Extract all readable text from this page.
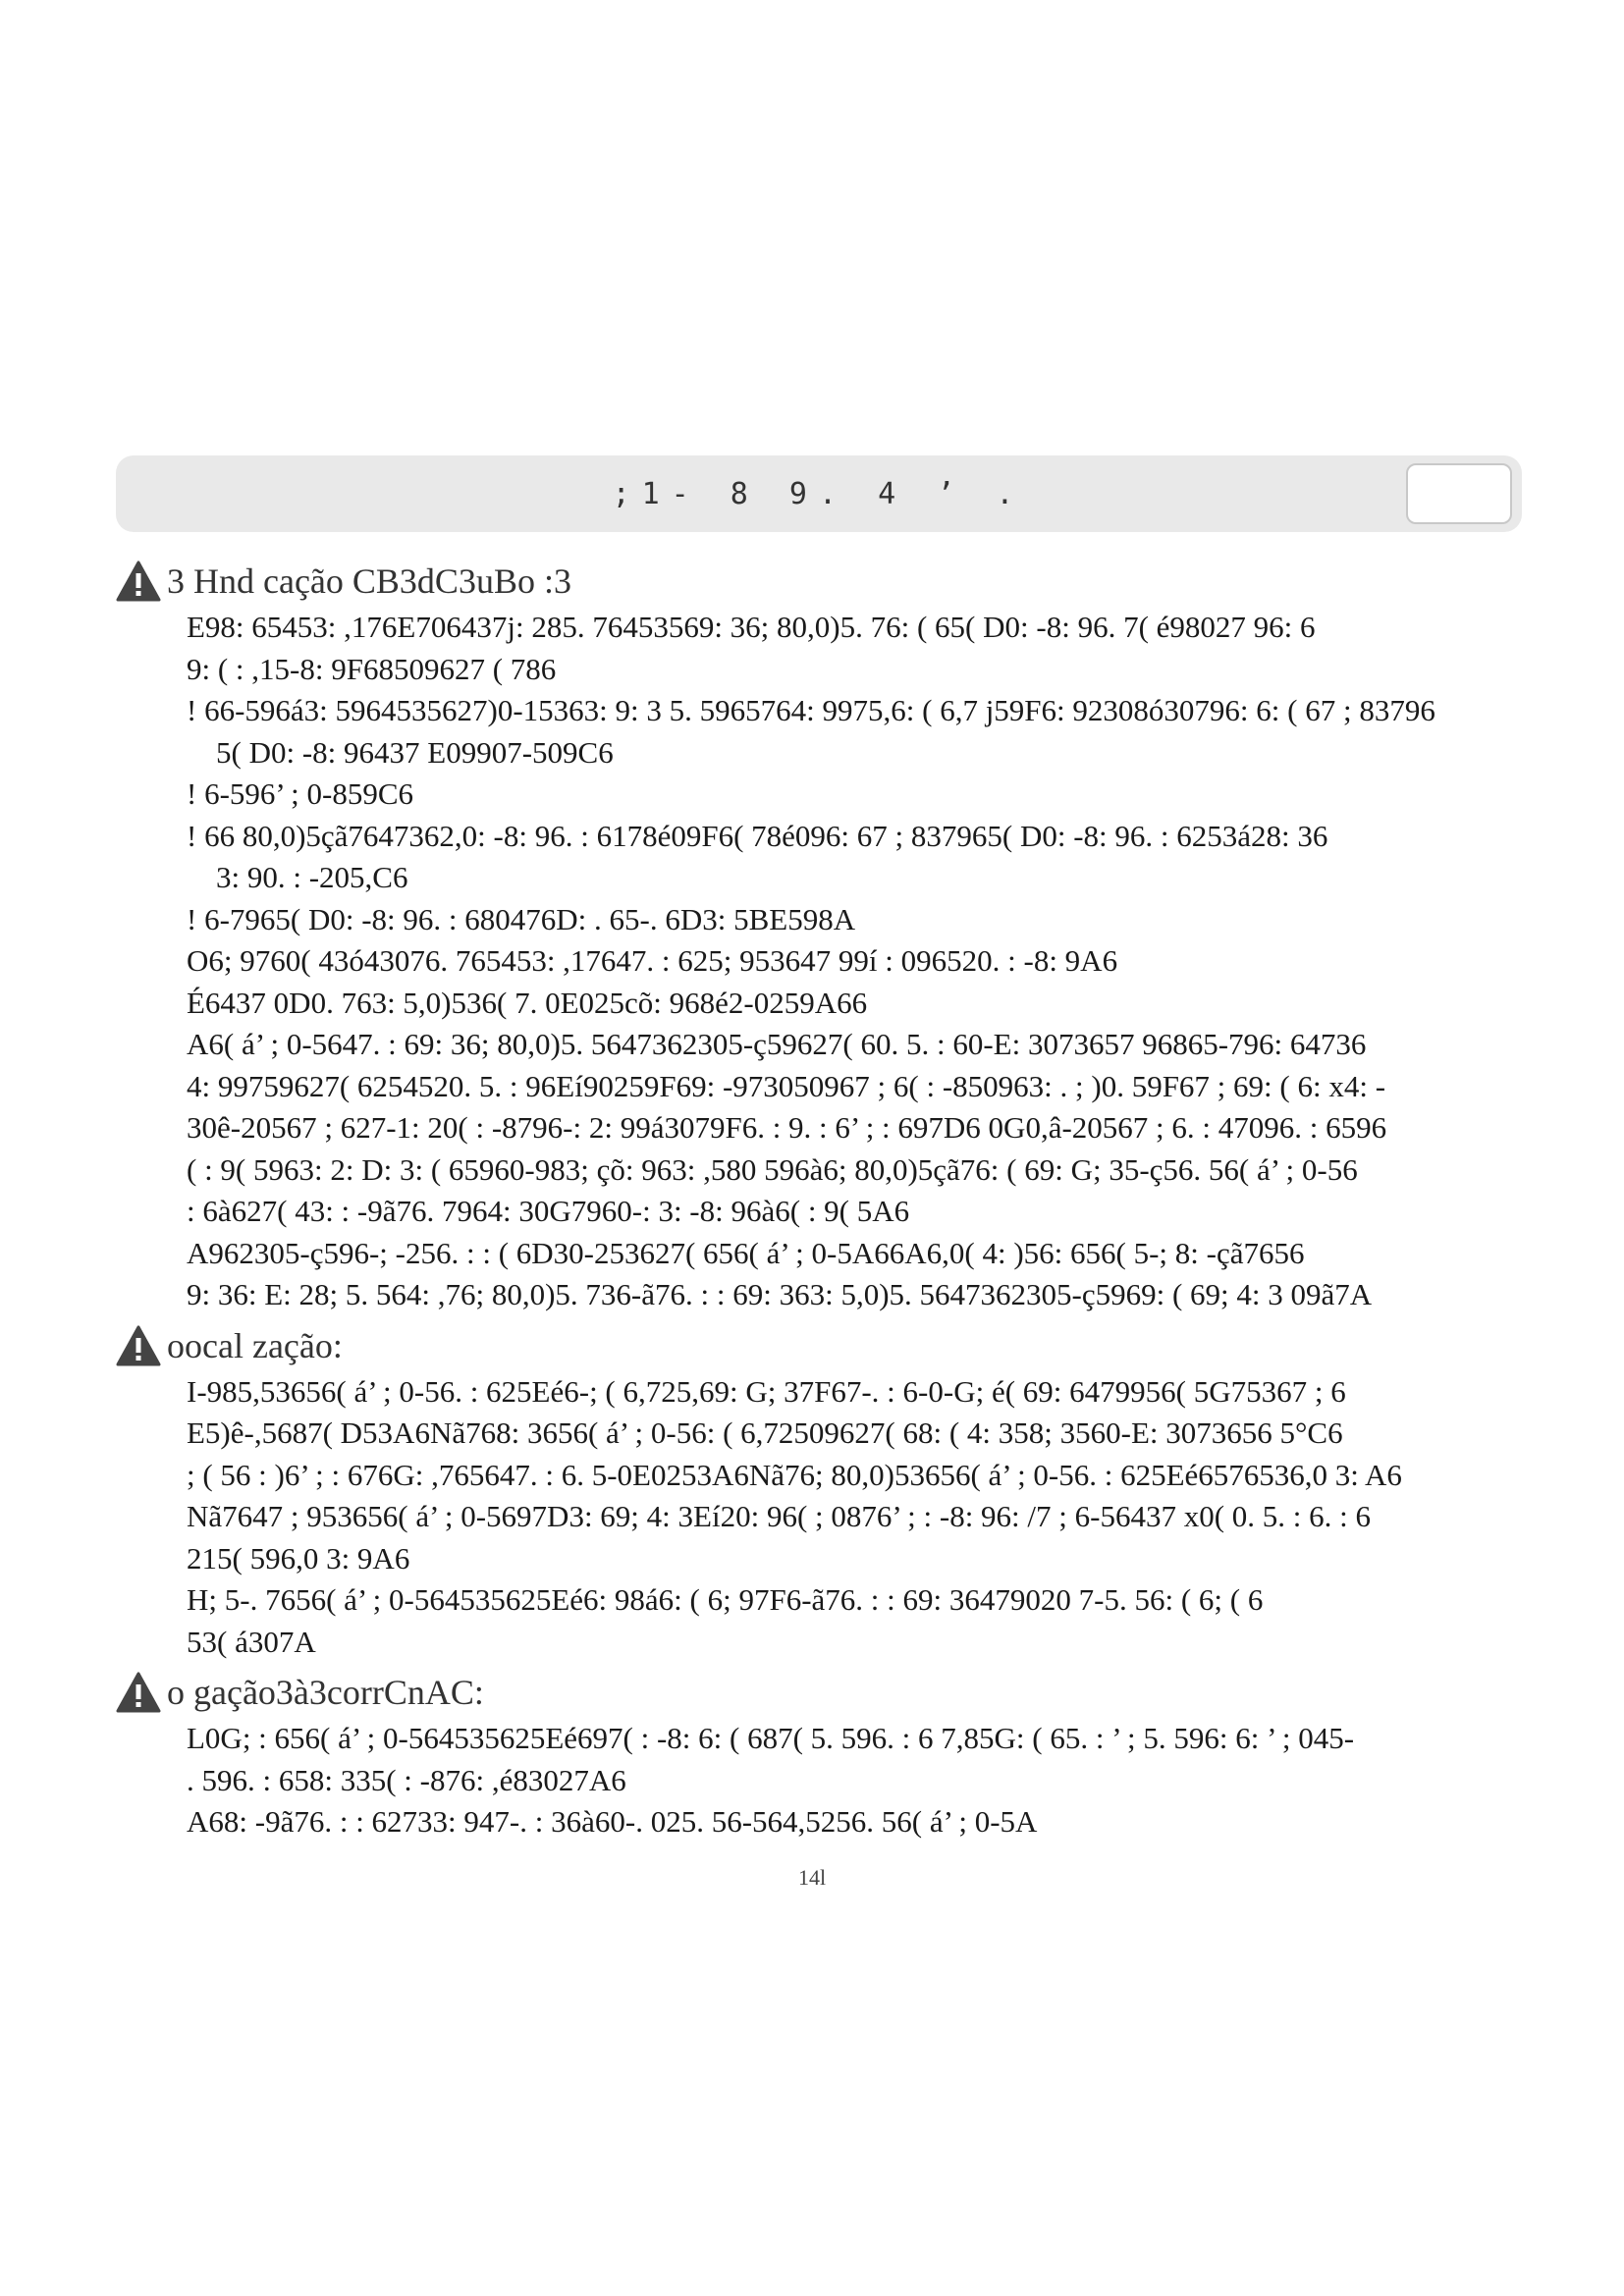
;1- 8 9. 4 ’ .
3 Hnd cação CB3dC3uBo :3
E98: 65453: ,176E706437j: 285. 76453569: 36; 80,0)5. 76: ( 65( D0: -8: 96. 7( é98027 96: 6
9: ( : ,15-8: 9F68509627 ( 786
! 66-596á3: 5964535627)0-15363: 9: 3 5. 5965764: 9975,6: ( 6,7 j59F6: 92308ó30796: 6: ( 67 ; 83796
5( D0: -8: 96437 E09907-509C6
! 6-596’ ; 0-859C6
! 66 80,0)5çã7647362,0: -8: 96. : 6178é09F6( 78é096: 67 ; 837965( D0: -8: 96. : 6253á28: 36
3: 90. : -205,C6
! 6-7965( D0: -8: 96. : 680476D: . 65-. 6D3: 5BE598A
O6; 9760( 43ó43076. 765453: ,17647. : 625; 953647 99í : 096520. : -8: 9A6
É6437 0D0. 763: 5,0)536( 7. 0E025cõ: 968é2-0259A66
A6( á’ ; 0-5647. : 69: 36; 80,0)5. 5647362305-ç59627( 60. 5. : 60-E: 3073657 96865-796: 64736
4: 99759627( 6254520. 5. : 96Eí90259F69: -973050967 ; 6( : -850963: . ; )0. 59F67 ; 69: ( 6: x4: -
30ê-20567 ; 627-1: 20( : -8796-: 2: 99á3079F6. : 9. : 6’ ; : 697D6 0G0,â-20567 ; 6. : 47096. : 6596
( : 9( 5963: 2: D: 3: ( 65960-983; çõ: 963: ,580 596à6; 80,0)5çã76: ( 69: G; 35-ç56. 56( á’ ; 0-56
: 6à627( 43: : -9ã76. 7964: 30G7960-: 3: -8: 96à6( : 9( 5A6
A962305-ç596-; -256. : : ( 6D30-253627( 656( á’ ; 0-5A66A6,0( 4: )56: 656( 5-; 8: -çã7656
9: 36: E: 28; 5. 564: ,76; 80,0)5. 736-ã76. : : 69: 363: 5,0)5. 5647362305-ç5969: ( 69; 4: 3 09ã7A
oocal zação:
I-985,53656( á’ ; 0-56. : 625Eé6-; ( 6,725,69: G; 37F67-. : 6-0-G; é( 69: 6479956( 5G75367 ; 6
E5)ê-,5687( D53A6Nã768: 3656( á’ ; 0-56: ( 6,72509627( 68: ( 4: 358; 3560-E: 3073656 5°C6
; ( 56 : )6’ ; : 676G: ,765647. : 6. 5-0E0253A6Nã76; 80,0)53656( á’ ; 0-56. : 625Eé6576536,0 3: A6
Nã7647 ; 953656( á’ ; 0-5697D3: 69; 4: 3Eí20: 96( ; 0876’ ; : -8: 96: /7 ; 6-56437 x0( 0. 5. : 6. : 6
215( 596,0 3: 9A6
H; 5-. 7656( á’ ; 0-564535625Eé6: 98á6: ( 6; 97F6-ã76. : : 69: 36479020 7-5. 56: ( 6; ( 6
53( á307A
o gação3à3corrCnAC:
L0G; : 656( á’ ; 0-564535625Eé697( : -8: 6: ( 687( 5. 596. : 6 7,85G: ( 65. : ’ ; 5. 596: 6: ’ ; 045-
. 596. : 658: 335( : -876: ,é83027A6
A68: -9ã76. : : 62733: 947-. : 36à60-. 025. 56-564,5256. 56( á’ ; 0-5A
14l
